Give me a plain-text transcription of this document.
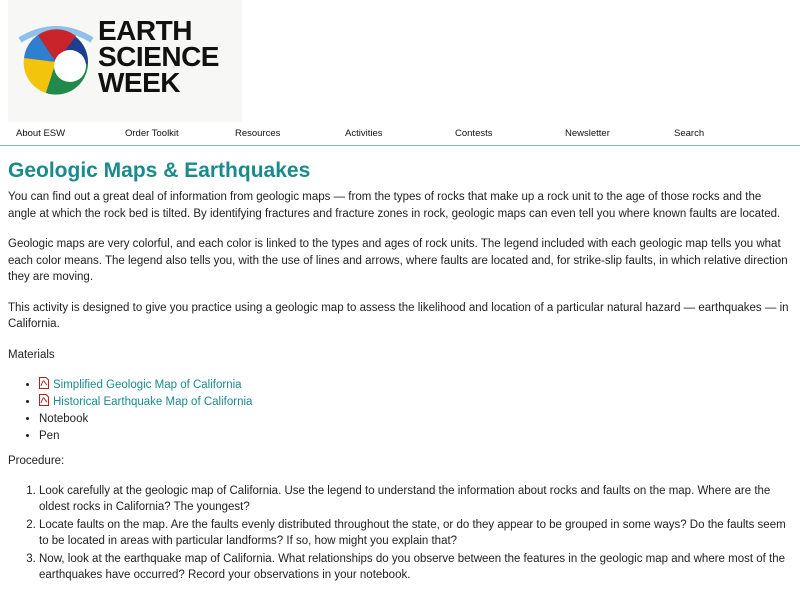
EARTH
SCIENCE
WEEK
About ESW	Order Toolkit	Resources	Activities	Contests	Newsletter	Search
Geologic Maps & Earthquakes

You can find out a great deal of information from geologic maps — from the types of rocks that make up a rock unit to the age of those rocks and the angle at which the rock bed is tilted. By identifying fractures and fracture zones in rock, geologic maps can even tell you where known faults are located.

Geologic maps are very colorful, and each color is linked to the types and ages of rock units. The legend included with each geologic map tells you what each color means. The legend also tells you, with the use of lines and arrows, where faults are located and, for strike-slip faults, in which relative direction they are moving.

This activity is designed to give you practice using a geologic map to assess the likelihood and location of a particular natural hazard — earthquakes — in California.

Materials
• Simplified Geologic Map of California
• Historical Earthquake Map of California
• Notebook
• Pen
Procedure:
1. Look carefully at the geologic map of California. Use the legend to understand the information about rocks and faults on the map. Where are the oldest rocks in California? The youngest?
2. Locate faults on the map. Are the faults evenly distributed throughout the state, or do they appear to be grouped in some ways? Do the faults seem to be located in areas with particular landforms? If so, how might you explain that?
3. Now, look at the earthquake map of California. What relationships do you observe between the features in the geologic map and where most of the earthquakes have occurred? Record your observations in your notebook.
